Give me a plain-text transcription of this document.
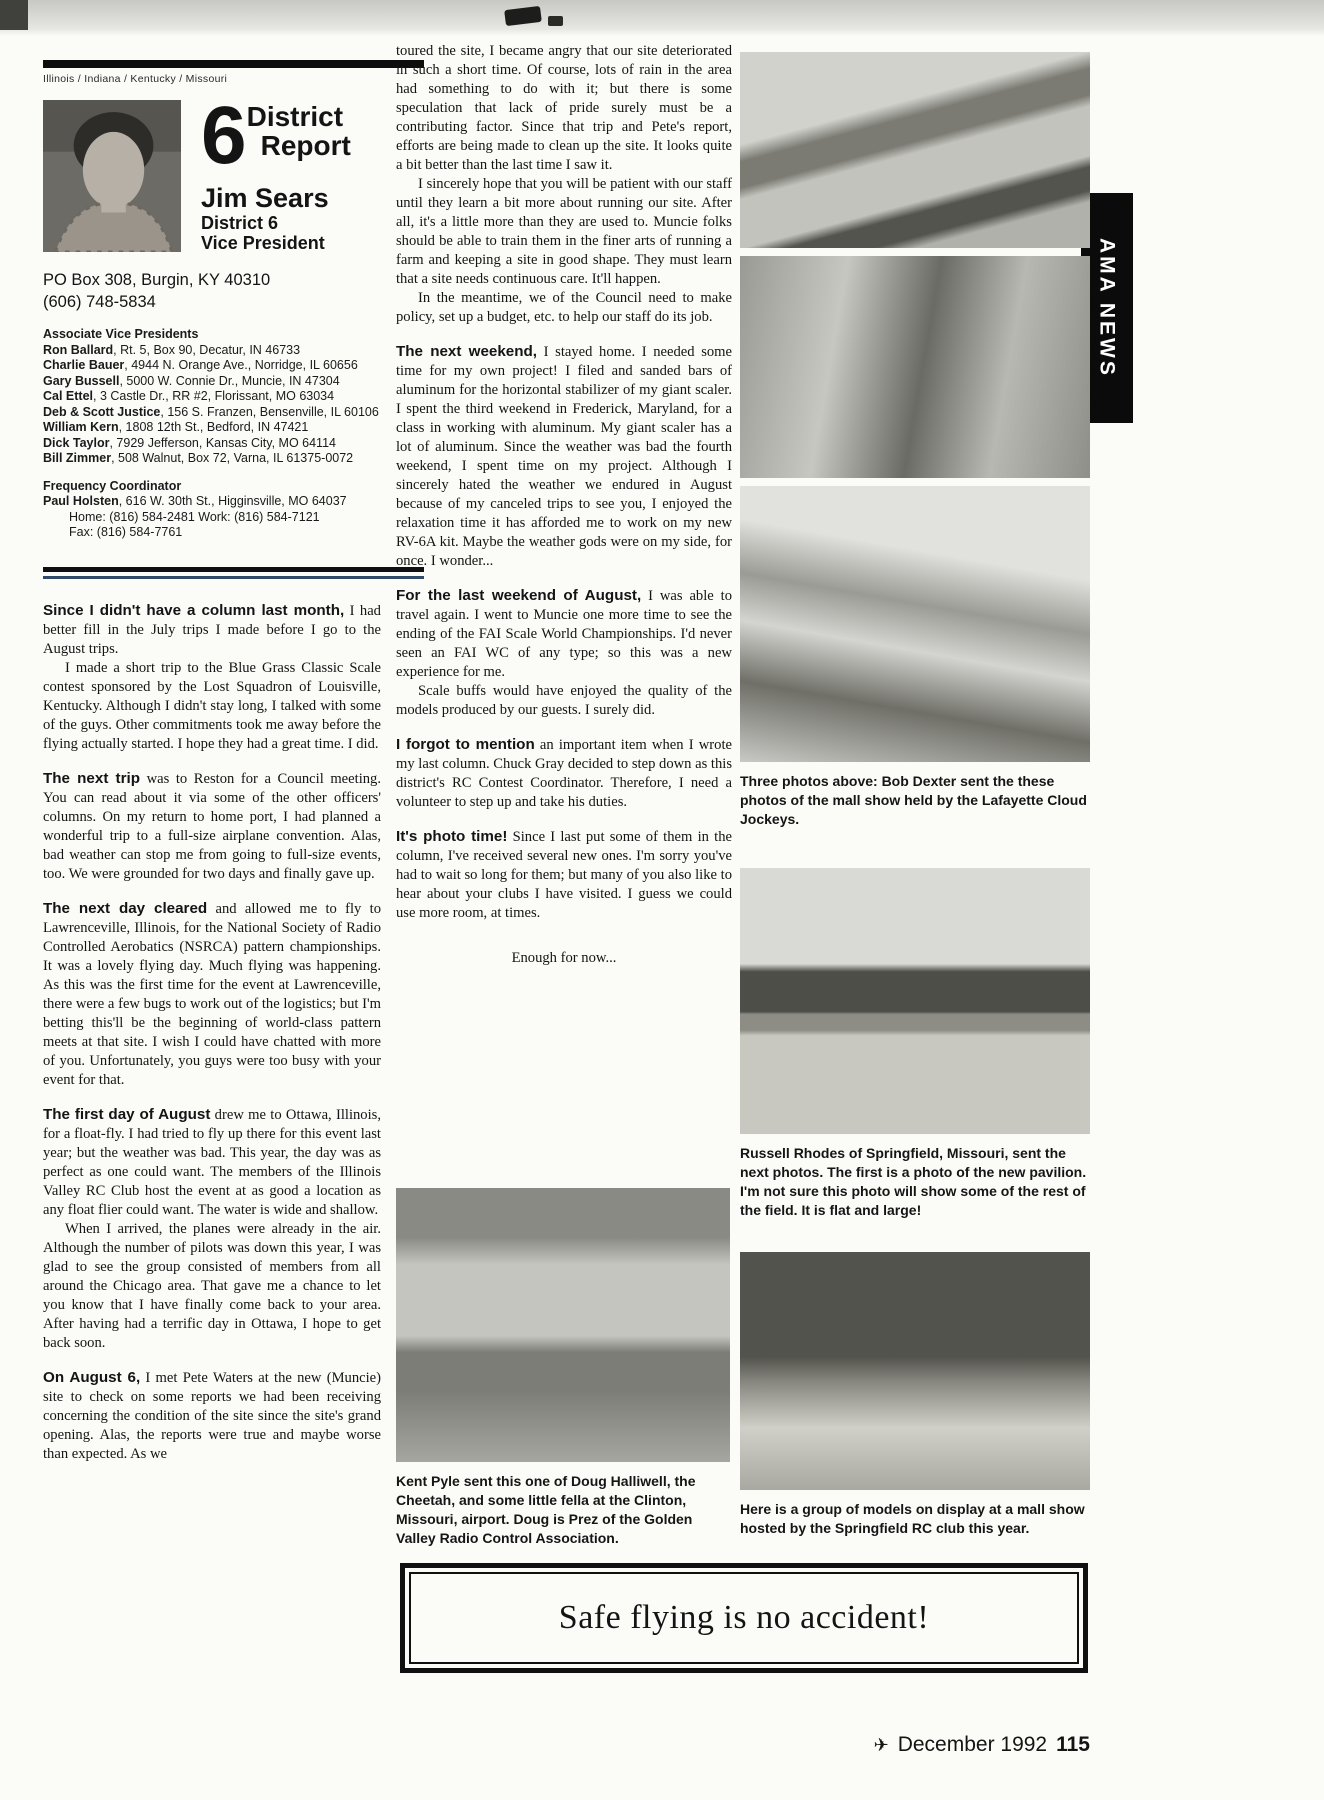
AMA NEWS
Illinois / Indiana / Kentucky / Missouri
6 District
Report
Jim Sears
District 6
Vice President
PO Box 308, Burgin, KY 40310
(606) 748-5834
Associate Vice Presidents
Ron Ballard, Rt. 5, Box 90, Decatur, IN 46733
Charlie Bauer, 4944 N. Orange Ave., Norridge, IL 60656
Gary Bussell, 5000 W. Connie Dr., Muncie, IN 47304
Cal Ettel, 3 Castle Dr., RR #2, Florissant, MO 63034
Deb & Scott Justice, 156 S. Franzen, Bensenville, IL 60106
William Kern, 1808 12th St., Bedford, IN 47421
Dick Taylor, 7929 Jefferson, Kansas City, MO 64114
Bill Zimmer, 508 Walnut, Box 72, Varna, IL 61375-0072
Frequency Coordinator
Paul Holsten, 616 W. 30th St., Higginsville, MO 64037
Home: (816) 584-2481 Work: (816) 584-7121
Fax: (816) 584-7761

Since I didn't have a column last month, I had better fill in the July trips I made before I go to the August trips.

I made a short trip to the Blue Grass Classic Scale contest sponsored by the Lost Squadron of Louisville, Kentucky. Although I didn't stay long, I talked with some of the guys. Other commitments took me away before the flying actually started. I hope they had a great time. I did.

The next trip was to Reston for a Council meeting. You can read about it via some of the other officers' columns. On my return to home port, I had planned a wonderful trip to a full-size airplane convention. Alas, bad weather can stop me from going to full-size events, too. We were grounded for two days and finally gave up.

The next day cleared and allowed me to fly to Lawrenceville, Illinois, for the National Society of Radio Controlled Aerobatics (NSRCA) pattern championships. It was a lovely flying day. Much flying was happening. As this was the first time for the event at Lawrenceville, there were a few bugs to work out of the logistics; but I'm betting this'll be the beginning of world-class pattern meets at that site. I wish I could have chatted with more of you. Unfortunately, you guys were too busy with your event for that.

The first day of August drew me to Ottawa, Illinois, for a float-fly. I had tried to fly up there for this event last year; but the weather was bad. This year, the day was as perfect as one could want. The members of the Illinois Valley RC Club host the event at as good a location as any float flier could want. The water is wide and shallow.

When I arrived, the planes were already in the air. Although the number of pilots was down this year, I was glad to see the group consisted of members from all around the Chicago area. That gave me a chance to let you know that I have finally come back to your area. After having had a terrific day in Ottawa, I hope to get back soon.

On August 6, I met Pete Waters at the new (Muncie) site to check on some reports we had been receiving concerning the condition of the site since the site's grand opening. Alas, the reports were true and maybe worse than expected. As we

toured the site, I became angry that our site deteriorated in such a short time. Of course, lots of rain in the area had something to do with it; but there is some speculation that lack of pride surely must be a contributing factor. Since that trip and Pete's report, efforts are being made to clean up the site. It looks quite a bit better than the last time I saw it.

I sincerely hope that you will be patient with our staff until they learn a bit more about running our site. After all, it's a little more than they are used to. Muncie folks should be able to train them in the finer arts of running a farm and keeping a site in good shape. They must learn that a site needs continuous care. It'll happen.

In the meantime, we of the Council need to make policy, set up a budget, etc. to help our staff do its job.

The next weekend, I stayed home. I needed some time for my own project! I filed and sanded bars of aluminum for the horizontal stabilizer of my giant scaler. I spent the third weekend in Frederick, Maryland, for a class in working with aluminum. My giant scaler has a lot of aluminum. Since the weather was bad the fourth weekend, I spent time on my project. Although I sincerely hated the weather we endured in August because of my canceled trips to see you, I enjoyed the relaxation time it has afforded me to work on my new RV-6A kit. Maybe the weather gods were on my side, for once. I wonder...

For the last weekend of August, I was able to travel again. I went to Muncie one more time to see the ending of the FAI Scale World Championships. I'd never seen an FAI WC of any type; so this was a new experience for me.

Scale buffs would have enjoyed the quality of the models produced by our guests. I surely did.

I forgot to mention an important item when I wrote my last column. Chuck Gray decided to step down as this district's RC Contest Coordinator. Therefore, I need a volunteer to step up and take his duties.

It's photo time! Since I last put some of them in the column, I've received several new ones. I'm sorry you've had to wait so long for them; but many of you also like to hear about your clubs I have visited. I guess we could use more room, at times.

Enough for now...

Three photos above: Bob Dexter sent the these photos of the mall show held by the Lafayette Cloud Jockeys.
Russell Rhodes of Springfield, Missouri, sent the next photos. The first is a photo of the new pavilion. I'm not sure this photo will show some of the rest of the field. It is flat and large!
Here is a group of models on display at a mall show hosted by the Springfield RC club this year.
Kent Pyle sent this one of Doug Halliwell, the Cheetah, and some little fella at the Clinton, Missouri, airport. Doug is Prez of the Golden Valley Radio Control Association.
Safe flying is no accident!
✈ December 1992 115
